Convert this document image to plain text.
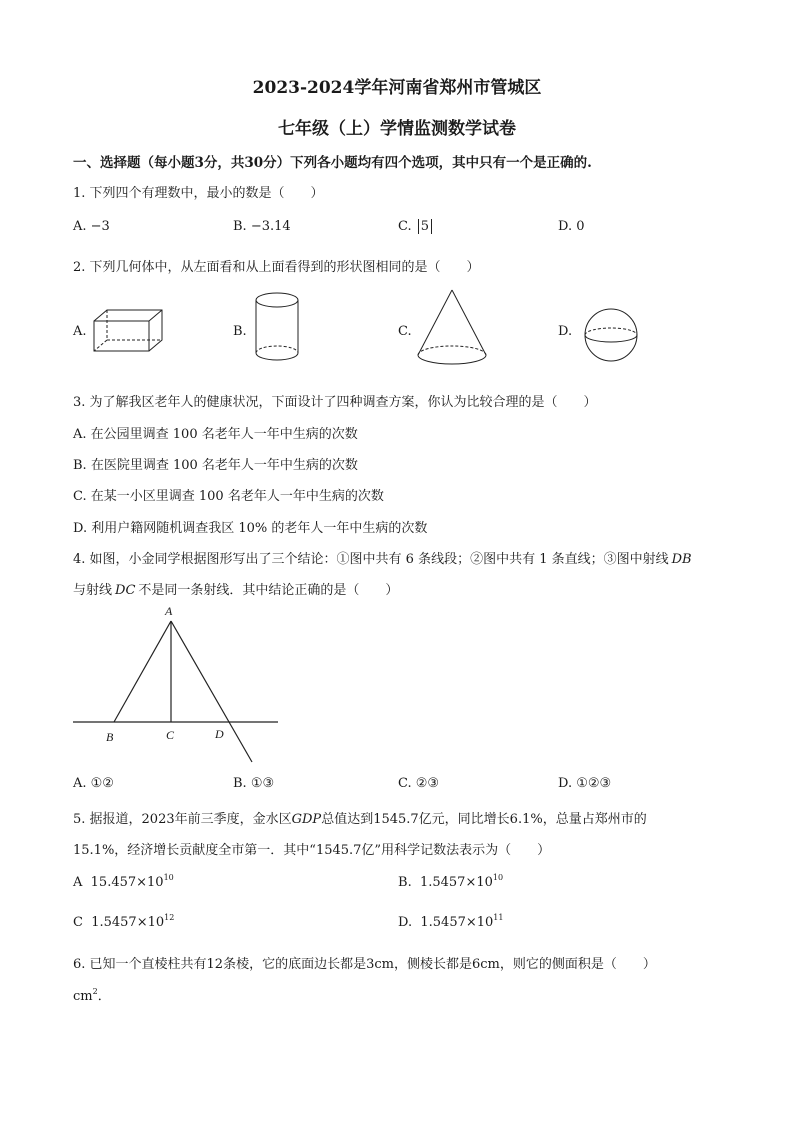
2023-2024学年河南省郑州市管城区
七年级（上）学情监测数学试卷
一、选择题（每小题3分，共30分）下列各小题均有四个选项，其中只有一个是正确的.
1. 下列四个有理数中，最小的数是（　　）
A. −3	B. −3.14	C. 5	D. 0
2. 下列几何体中，从左面看和从上面看得到的形状图相同的是（　　）
A.	B.	C.	D.
3. 为了解我区老年人的健康状况，下面设计了四种调查方案，你认为比较合理的是（　　）
A. 在公园里调查 100 名老年人一年中生病的次数
B. 在医院里调查 100 名老年人一年中生病的次数
C. 在某一小区里调查 100 名老年人一年中生病的次数
D. 利用户籍网随机调查我区 10% 的老年人一年中生病的次数
4. 如图，小金同学根据图形写出了三个结论：①图中共有 6 条线段；②图中共有 1 条直线；③图中射线 DB
与射线 DC 不是同一条射线．其中结论正确的是（　　）
A
B	C	D
A. ①②	B. ①③	C. ②③	D. ①②③
5. 据报道，2023年前三季度，金水区GDP总值达到1545.7亿元，同比增长6.1%，总量占郑州市的
15.1%，经济增长贡献度全市第一．其中“1545.7亿”用科学记数法表示为（　　）
A $15.457\times 10^{10}$	B.  $1.5457\times 10^{10}$
C $1.5457\times 10^{12}$	D.  $1.5457\times 10^{11}$
6. 已知一个直棱柱共有12条棱，它的底面边长都是3cm，侧棱长都是6cm，则它的侧面积是（　　）
$cm^2$．
